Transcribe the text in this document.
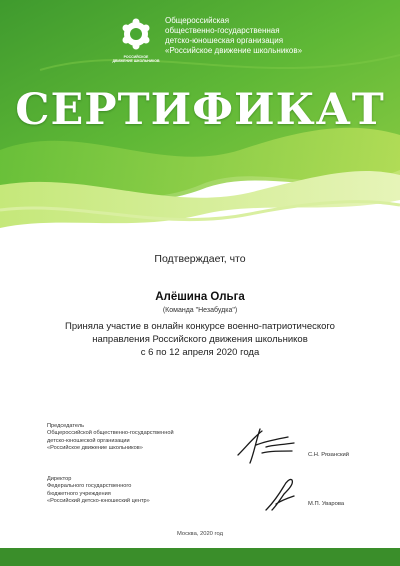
РОССИЙСКОЕ
ДВИЖЕНИЕ ШКОЛЬНИКОВ
Общероссийская
общественно-государственная
детско-юношеская организация
«Российское движение школьников»
СЕРТИФИКАТ
Подтверждает, что
Алёшина Ольга
(Команда "Незабудка")
Приняла участие в онлайн конкурсе военно-патриотического
направления Российского движения школьников
с 6 по 12 апреля 2020 года
Председатель
Общероссийской общественно-государственной
детско-юношеской организации
«Российское движение школьников»
С.Н. Рязанский
Директор
Федерального государственного
бюджетного учреждения
«Российский детско-юношеский центр»
М.П. Уварова
Москва, 2020 год
